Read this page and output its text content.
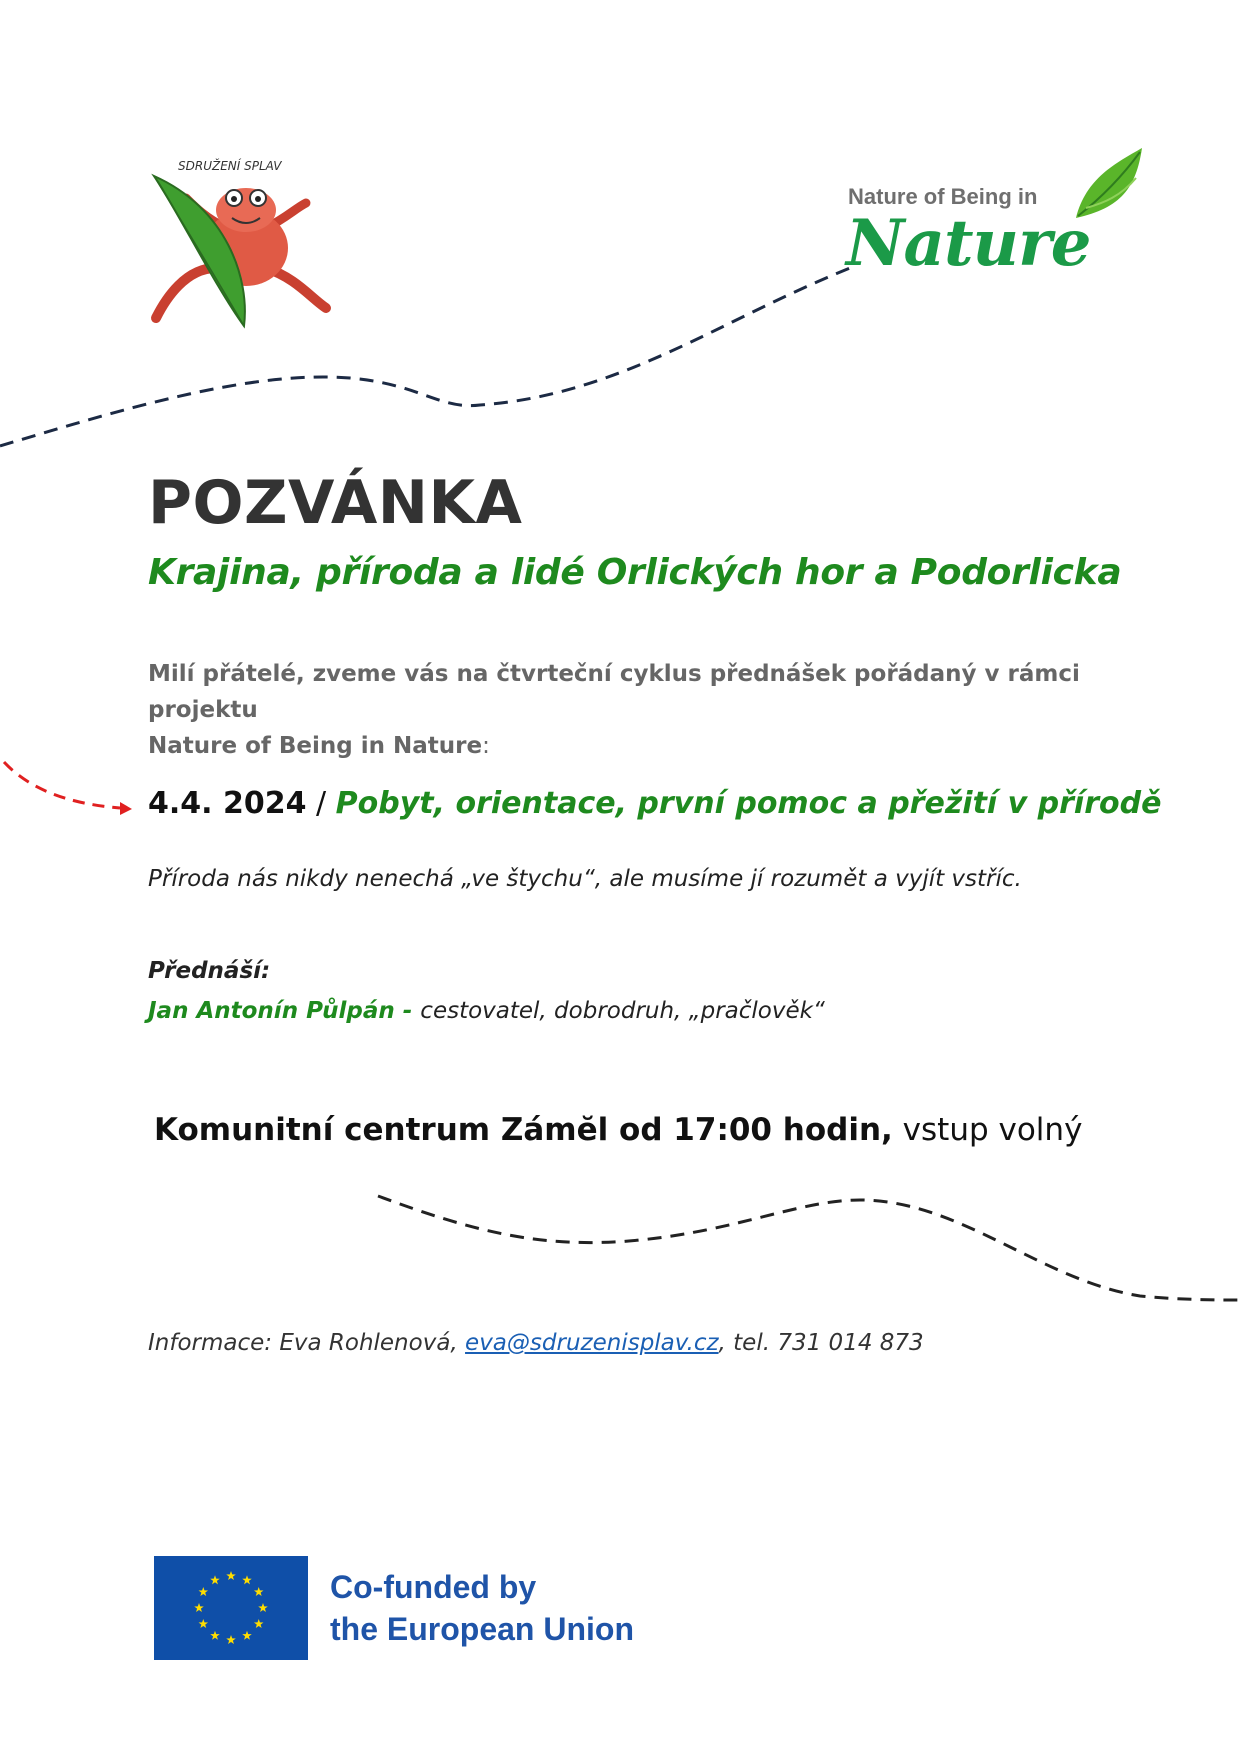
SDRUŽENÍ SPLAV
Nature of Being in
Nature
POZVÁNKA
Krajina, příroda a lidé Orlických hor a Podorlicka
Milí přátelé, zveme vás na čtvrteční cyklus přednášek pořádaný v rámci projektu
Nature of Being in Nature:
4.4. 2024 / Pobyt, orientace, první pomoc a přežití v přírodě
Příroda nás nikdy nenechá „ve štychu“, ale musíme jí rozumět a vyjít vstříc.
Přednáší:
Jan Antonín Půlpán - cestovatel, dobrodruh, „pračlověk“
Komunitní centrum Zámĕl od 17:00 hodin, vstup volný
Informace: Eva Rohlenová, eva@sdruzenisplav.cz, tel. 731 014 873
Co-funded by
the European Union
